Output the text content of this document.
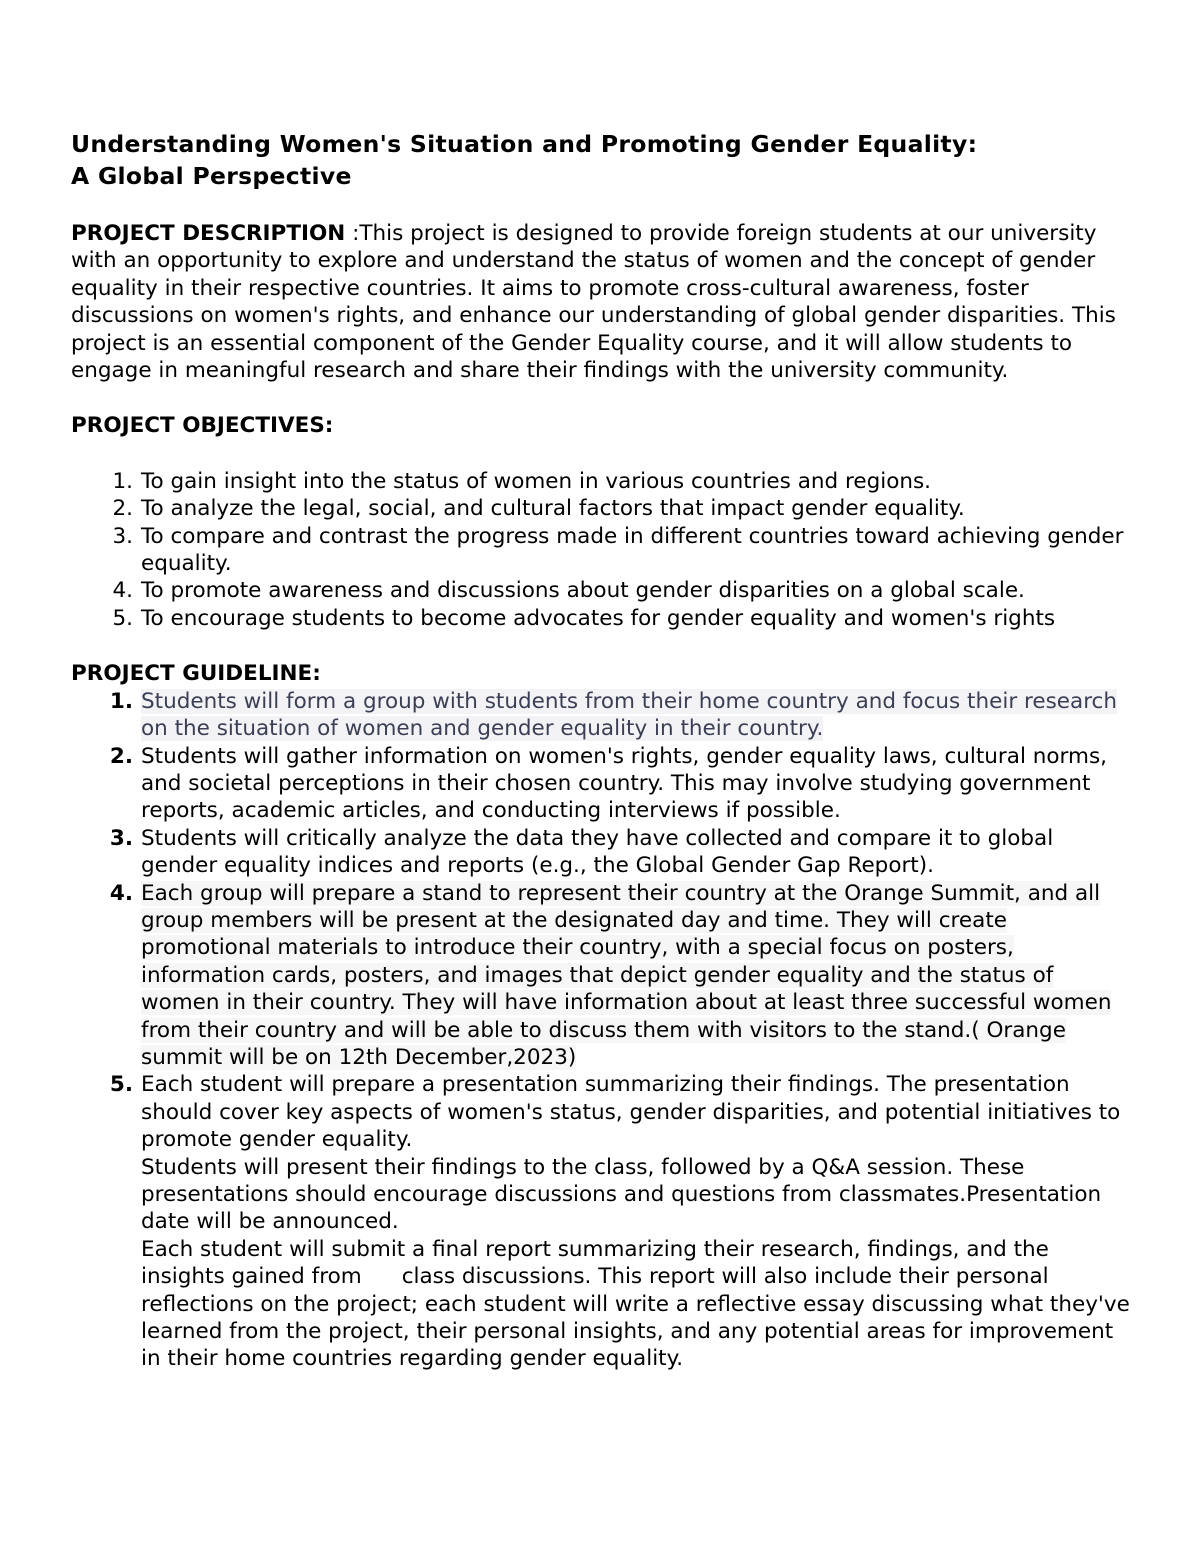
Understanding Women's Situation and Promoting Gender Equality:
A Global Perspective

PROJECT DESCRIPTION :This project is designed to provide foreign students at our university with an opportunity to explore and understand the status of women and the concept of gender equality in their respective countries. It aims to promote cross-cultural awareness, foster discussions on women's rights, and enhance our understanding of global gender disparities. This project is an essential component of the Gender Equality course, and it will allow students to engage in meaningful research and share their findings with the university community.

PROJECT OBJECTIVES:

1. To gain insight into the status of women in various countries and regions.
2. To analyze the legal, social, and cultural factors that impact gender equality.
3. To compare and contrast the progress made in different countries toward achieving gender equality.
4. To promote awareness and discussions about gender disparities on a global scale.
5. To encourage students to become advocates for gender equality and women's rights

PROJECT GUIDELINE:

1. Students will form a group with students from their home country and focus their research on the situation of women and gender equality in their country.
2. Students will gather information on women's rights, gender equality laws, cultural norms, and societal perceptions in their chosen country. This may involve studying government reports, academic articles, and conducting interviews if possible.
3. Students will critically analyze the data they have collected and compare it to global gender equality indices and reports (e.g., the Global Gender Gap Report).
4. Each group will prepare a stand to represent their country at the Orange Summit, and all group members will be present at the designated day and time. They will create promotional materials to introduce their country, with a special focus on posters, information cards, posters, and images that depict gender equality and the status of women in their country. They will have information about at least three successful women from their country and will be able to discuss them with visitors to the stand.( Orange summit will be on 12th December,2023)
5. Each student will prepare a presentation summarizing their findings. The presentation should cover key aspects of women's status, gender disparities, and potential initiatives to promote gender equality.
Students will present their findings to the class, followed by a Q&A session. These presentations should encourage discussions and questions from classmates.Presentation date will be announced.
Each student will submit a final report summarizing their research, findings, and the insights gained from class discussions. This report will also include their personal reflections on the project; each student will write a reflective essay discussing what they've learned from the project, their personal insights, and any potential areas for improvement in their home countries regarding gender equality.
